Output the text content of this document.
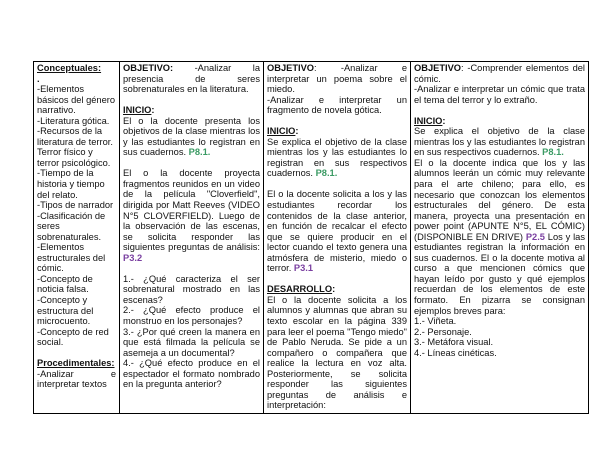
Conceptuales:
.
-Elementos básicos del género narrativo.
-Literatura gótica.
-Recursos de la literatura de terror. Terror físico y terror psicológico.
-Tiempo de la historia y tiempo del relato.
-Tipos de narrador
-Clasificación de seres sobrenaturales.
-Elementos estructurales del cómic.
-Concepto de noticia falsa.
-Concepto y estructura del microcuento.
-Concepto de red social.
Procedimentales:
-Analizar e interpretar textos

OBJETIVO: -Analizar la presencia de seres sobrenaturales en la literatura.
INICIO:
El o la docente presenta los objetivos de la clase mientras los y las estudiantes lo registran en sus cuadernos. P8.1.
El o la docente proyecta fragmentos reunidos en un video de la película "Cloverfield", dirigida por Matt Reeves (VIDEO N°5 CLOVERFIELD). Luego de la observación de las escenas, se solicita responder las siguientes preguntas de análisis: P3.2
1.- ¿Qué caracteriza el ser sobrenatural mostrado en las escenas?
2.- ¿Qué efecto produce el monstruo en los personajes?
3.- ¿Por qué creen la manera en que está filmada la película se asemeja a un documental?
4.- ¿Qué efecto produce en el espectador el formato nombrado en la pregunta anterior?

OBJETIVO: -Analizar e interpretar un poema sobre el miedo.
-Analizar e interpretar un fragmento de novela gótica.
INICIO:
Se explica el objetivo de la clase mientras los y las estudiantes lo registran en sus respectivos cuadernos. P8.1.
El o la docente solicita a los y las estudiantes recordar los contenidos de la clase anterior, en función de recalcar el efecto que se quiere producir en el lector cuando el texto genera una atmósfera de misterio, miedo o terror. P3.1
DESARROLLO:
El o la docente solicita a los alumnos y alumnas que abran su texto escolar en la página 339 para leer el poema "Tengo miedo" de Pablo Neruda. Se pide a un compañero o compañera que realice la lectura en voz alta. Posteriormente, se solicita responder las siguientes preguntas de análisis e interpretación:

OBJETIVO: -Comprender elementos del cómic.
-Analizar e interpretar un cómic que trata el tema del terror y lo extraño.
INICIO:
Se explica el objetivo de la clase mientras los y las estudiantes lo registran en sus respectivos cuadernos. P8.1.
El o la docente indica que los y las alumnos leerán un cómic muy relevante para el arte chileno; para ello, es necesario que conozcan los elementos estructurales del género. De esta manera, proyecta una presentación en power point (APUNTE N°5, EL CÓMIC) (DISPONIBLE EN DRIVE) P2.5 Los y las estudiantes registran la información en sus cuadernos. El o la docente motiva al curso a que mencionen cómics que hayan leído por gusto y qué ejemplos recuerdan de los elementos de este formato. En pizarra se consignan ejemplos breves para:
1.- Viñeta.
2.- Personaje.
3.- Metáfora visual.
4.- Líneas cinéticas.
